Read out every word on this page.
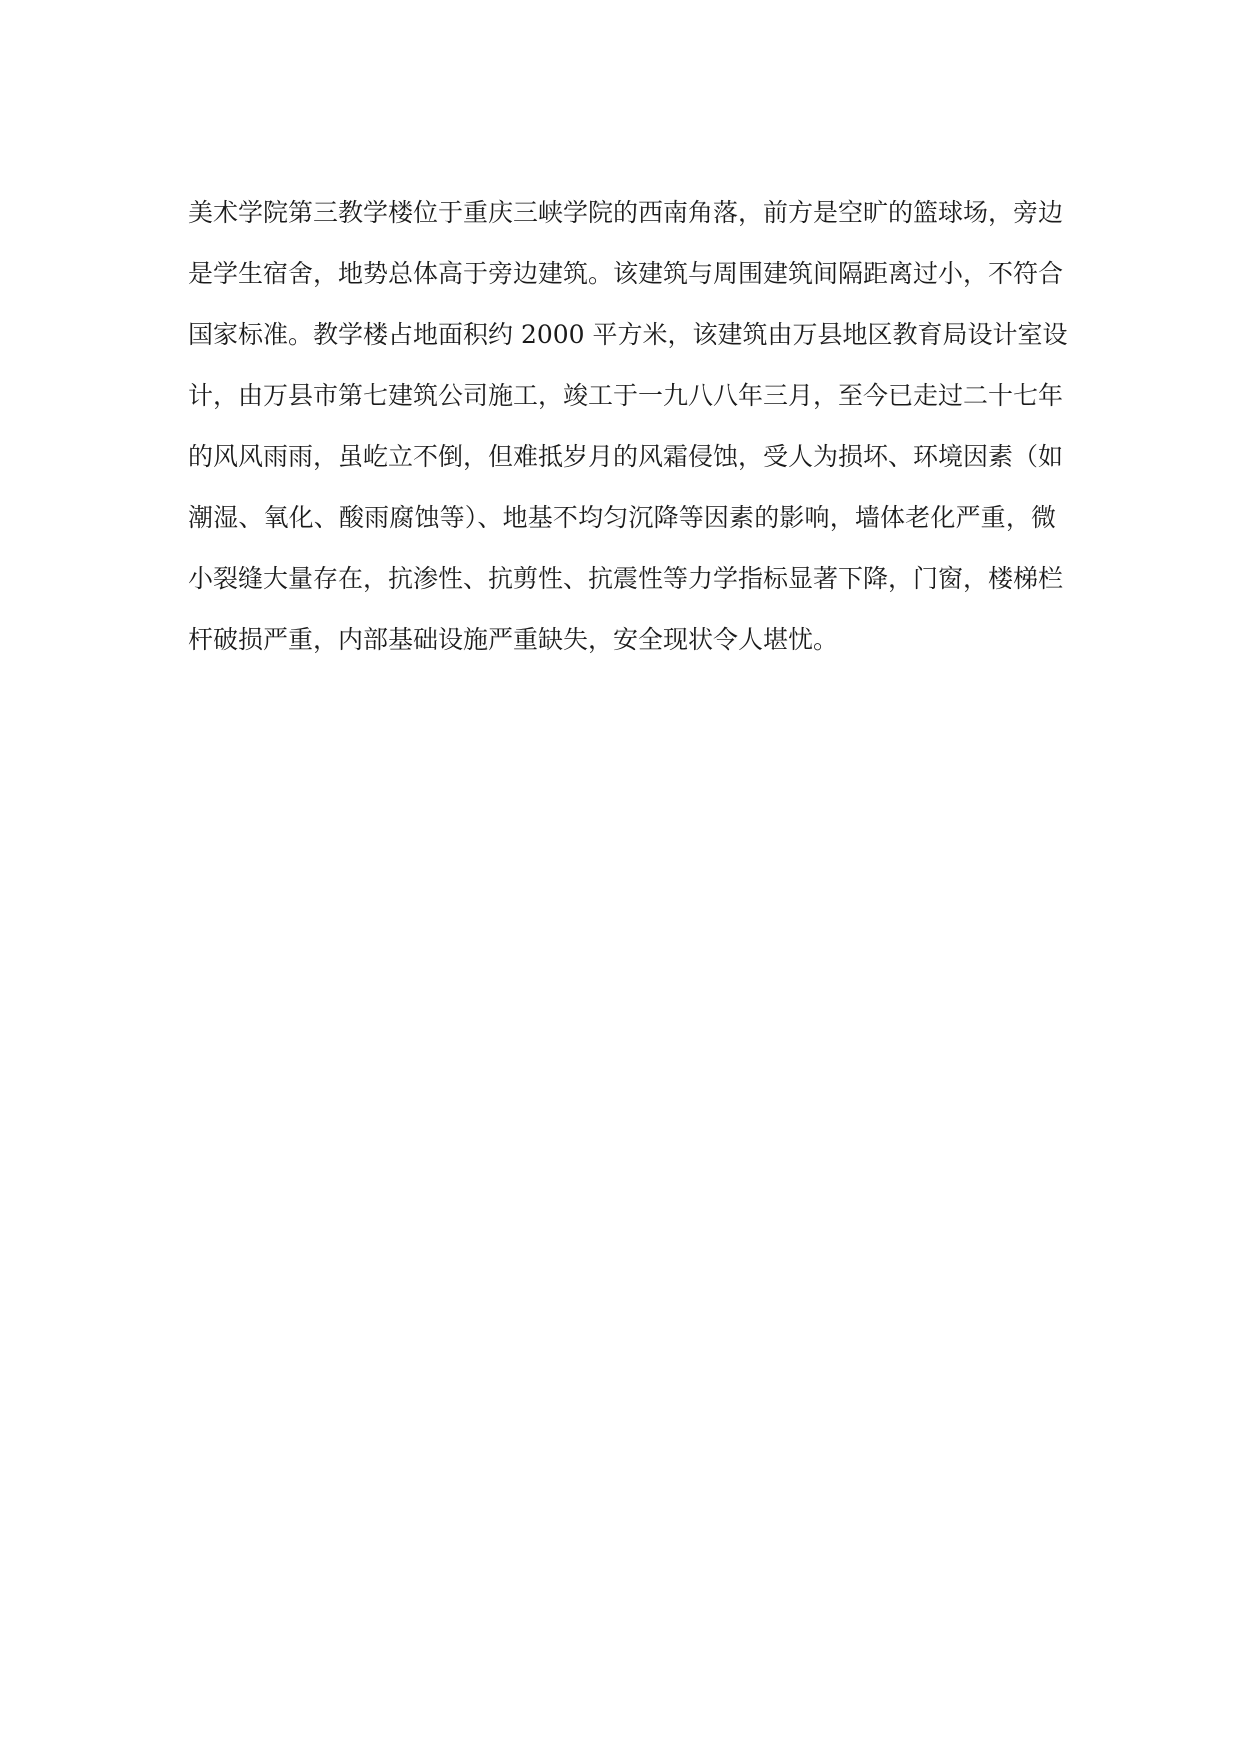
美术学院第三教学楼位于重庆三峡学院的西南角落，前方是空旷的篮球场，旁边
是学生宿舍，地势总体高于旁边建筑。该建筑与周围建筑间隔距离过小，不符合
国家标准。教学楼占地面积约 2000 平方米，该建筑由万县地区教育局设计室设
计，由万县市第七建筑公司施工，竣工于一九八八年三月，至今已走过二十七年
的风风雨雨，虽屹立不倒，但难抵岁月的风霜侵蚀，受人为损坏、环境因素（如
潮湿、氧化、酸雨腐蚀等）、地基不均匀沉降等因素的影响，墙体老化严重，微
小裂缝大量存在，抗渗性、抗剪性、抗震性等力学指标显著下降，门窗，楼梯栏
杆破损严重，内部基础设施严重缺失，安全现状令人堪忧。
